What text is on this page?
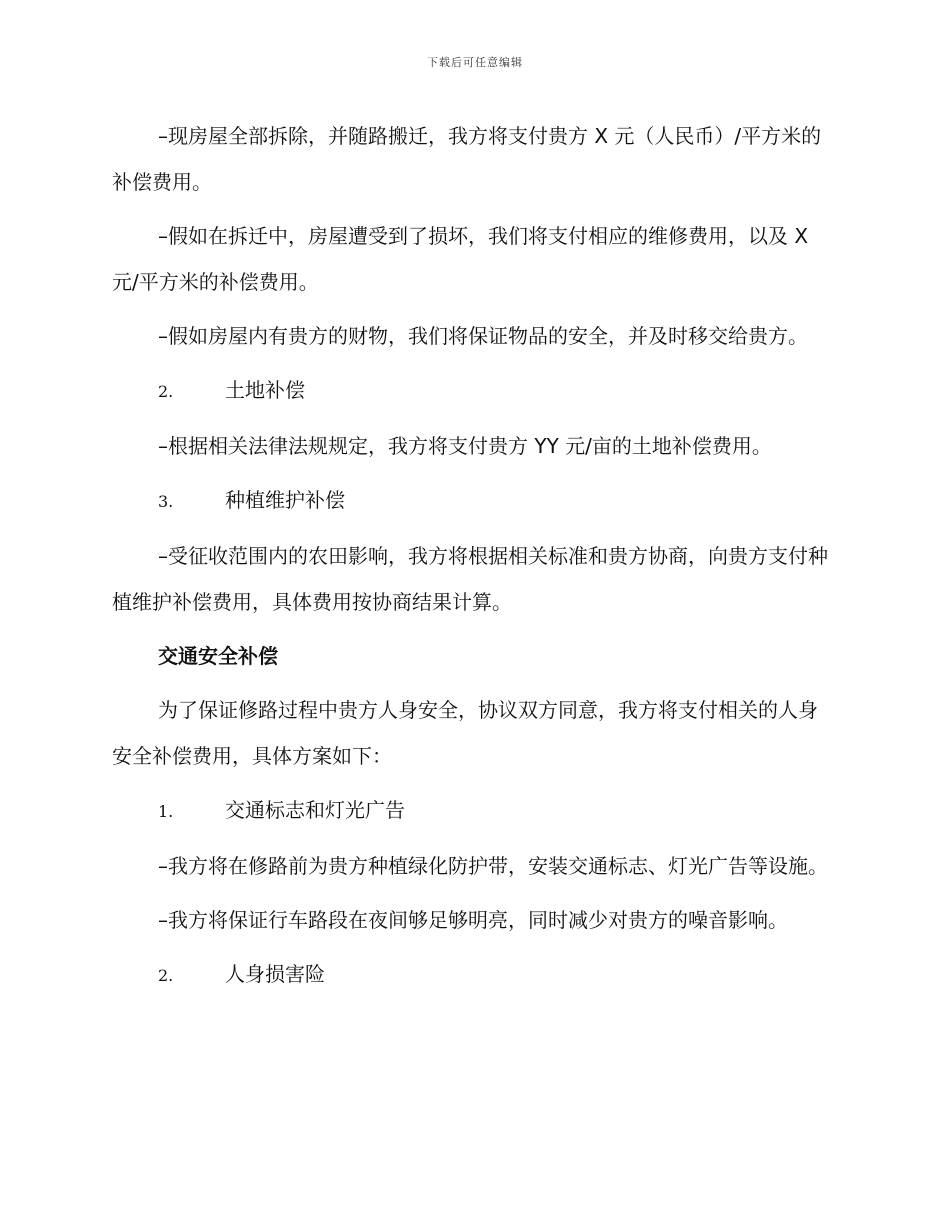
下载后可任意编辑

–现房屋全部拆除，并随路搬迁，我方将支付贵方 X 元（人民币）/平方米的补偿费用。

–假如在拆迁中，房屋遭受到了损坏，我们将支付相应的维修费用，以及 X 元/平方米的补偿费用。

–假如房屋内有贵方的财物，我们将保证物品的安全，并及时移交给贵方。

2.	土地补偿

–根据相关法律法规规定，我方将支付贵方 YY 元/亩的土地补偿费用。

3.	种植维护补偿

–受征收范围内的农田影响，我方将根据相关标准和贵方协商，向贵方支付种植维护补偿费用，具体费用按协商结果计算。

交通安全补偿

为了保证修路过程中贵方人身安全，协议双方同意，我方将支付相关的人身安全补偿费用，具体方案如下：

1.	交通标志和灯光广告

–我方将在修路前为贵方种植绿化防护带，安装交通标志、灯光广告等设施。

–我方将保证行车路段在夜间够足够明亮，同时减少对贵方的噪音影响。

2.	人身损害险
